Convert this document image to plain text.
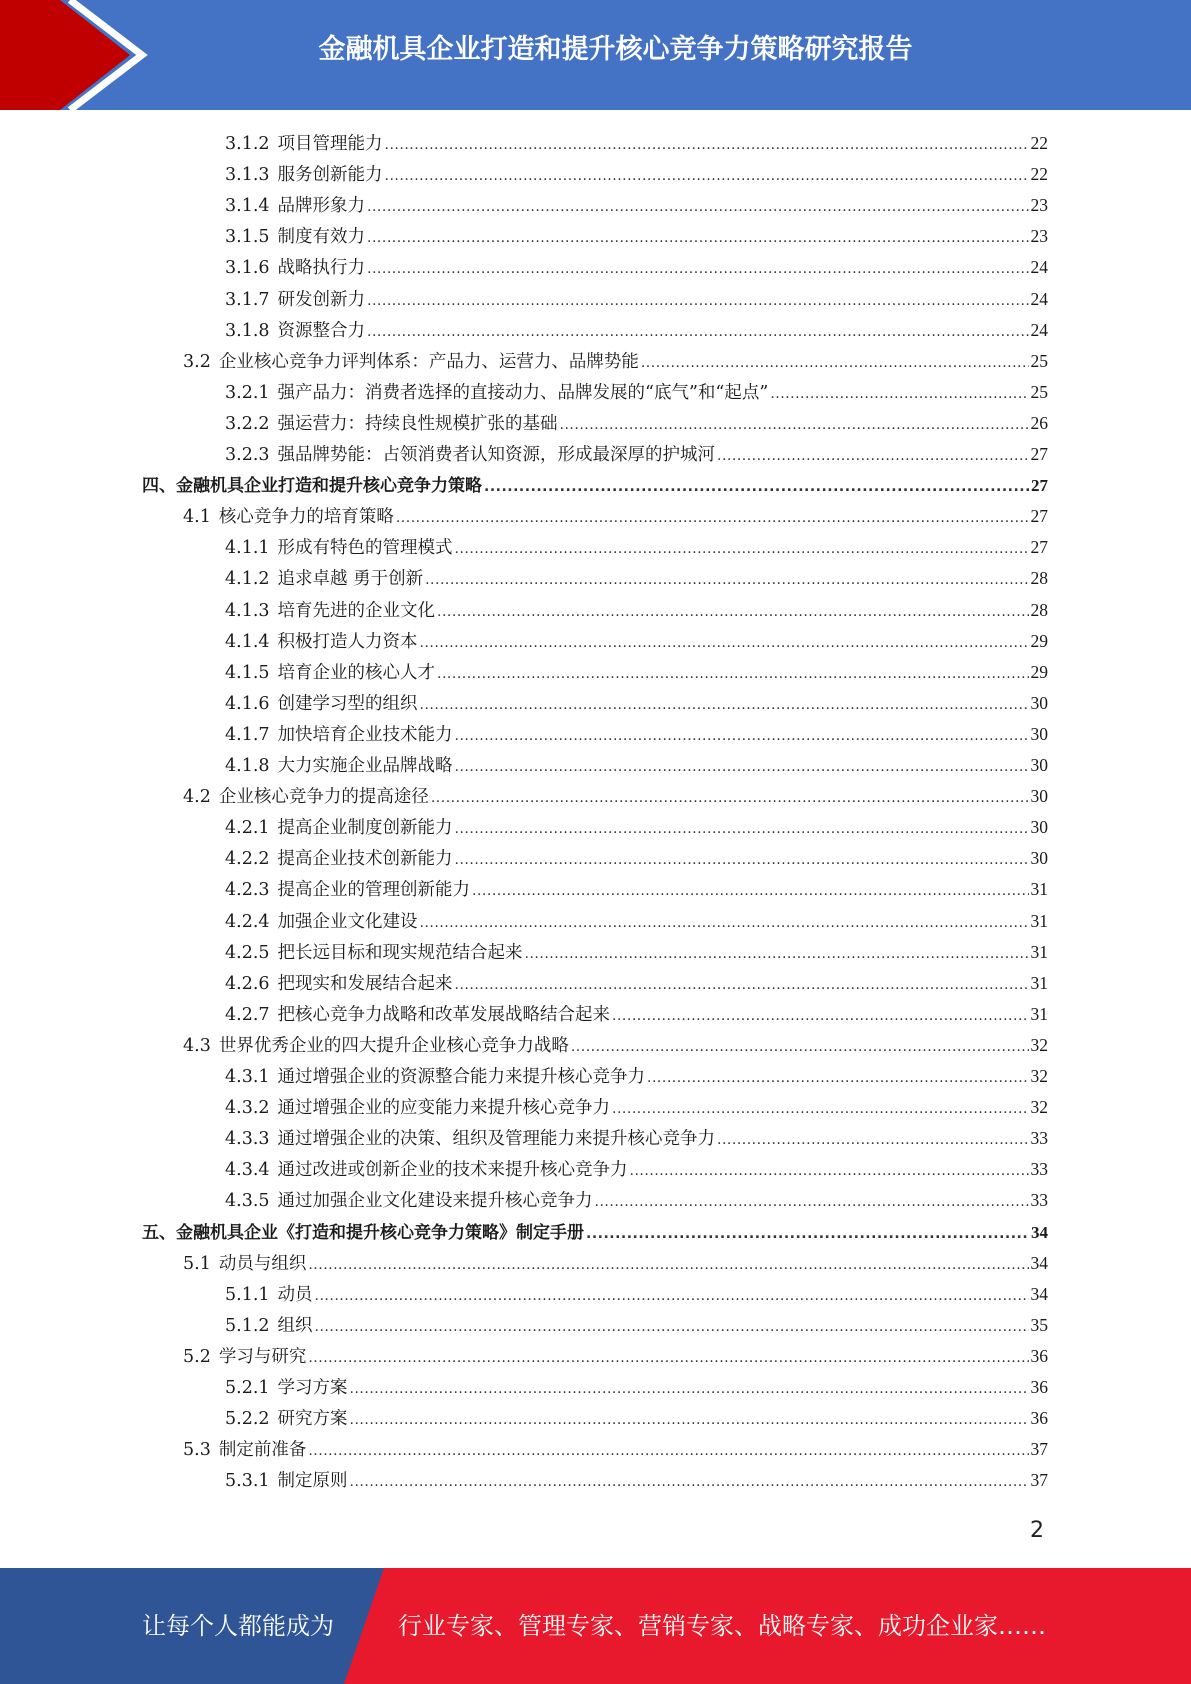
金融机具企业打造和提升核心竞争力策略研究报告
3.1.2 项目管理能力 .....	22
3.1.3 服务创新能力 .....	22
3.1.4 品牌形象力 .....	23
3.1.5 制度有效力 .....	23
3.1.6 战略执行力 .....	24
3.1.7 研发创新力 .....	24
3.1.8 资源整合力 .....	24
3.2 企业核心竞争力评判体系：产品力、运营力、品牌势能 .....	25
3.2.1 强产品力：消费者选择的直接动力、品牌发展的“底气”和“起点” .....	25
3.2.2 强运营力：持续良性规模扩张的基础 .....	26
3.2.3 强品牌势能：占领消费者认知资源，形成最深厚的护城河 .....	27
四、金融机具企业打造和提升核心竞争力策略 .....	27
4.1 核心竞争力的培育策略 .....	27
4.1.1 形成有特色的管理模式 .....	27
4.1.2 追求卓越 勇于创新 .....	28
4.1.3 培育先进的企业文化 .....	28
4.1.4 积极打造人力资本 .....	29
4.1.5 培育企业的核心人才 .....	29
4.1.6 创建学习型的组织 .....	30
4.1.7 加快培育企业技术能力 .....	30
4.1.8 大力实施企业品牌战略 .....	30
4.2 企业核心竞争力的提高途径 .....	30
4.2.1 提高企业制度创新能力 .....	30
4.2.2 提高企业技术创新能力 .....	30
4.2.3 提高企业的管理创新能力 .....	31
4.2.4 加强企业文化建设 .....	31
4.2.5 把长远目标和现实规范结合起来 .....	31
4.2.6 把现实和发展结合起来 .....	31
4.2.7 把核心竞争力战略和改革发展战略结合起来 .....	31
4.3 世界优秀企业的四大提升企业核心竞争力战略 .....	32
4.3.1 通过增强企业的资源整合能力来提升核心竞争力 .....	32
4.3.2 通过增强企业的应变能力来提升核心竞争力 .....	32
4.3.3 通过增强企业的决策、组织及管理能力来提升核心竞争力 .....	33
4.3.4 通过改进或创新企业的技术来提升核心竞争力 .....	33
4.3.5 通过加强企业文化建设来提升核心竞争力 .....	33
五、金融机具企业《打造和提升核心竞争力策略》制定手册 .....	34
5.1 动员与组织 .....	34
5.1.1 动员 .....	34
5.1.2 组织 .....	35
5.2 学习与研究 .....	36
5.2.1 学习方案 .....	36
5.2.2 研究方案 .....	36
5.3 制定前准备 .....	37
5.3.1 制定原则 .....	37
2
让每个人都能成为	行业专家、管理专家、营销专家、战略专家、成功企业家……
